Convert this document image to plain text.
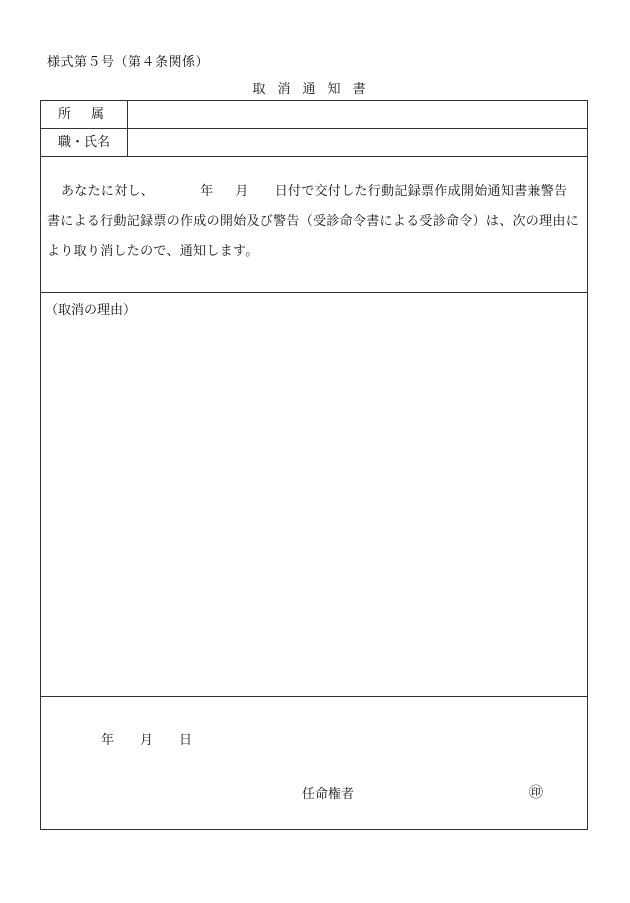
様式第５号（第４条関係）
取消通知書
所属
職・氏名
あなたに対し、	年 月 日付で交付した行動記録票作成開始通知書兼警告
書による行動記録票の作成の開始及び警告（受診命令書による受診命令）は、次の理由に
より取り消したので、通知します。
（取消の理由）
年 月 日
任命権者	㊞
